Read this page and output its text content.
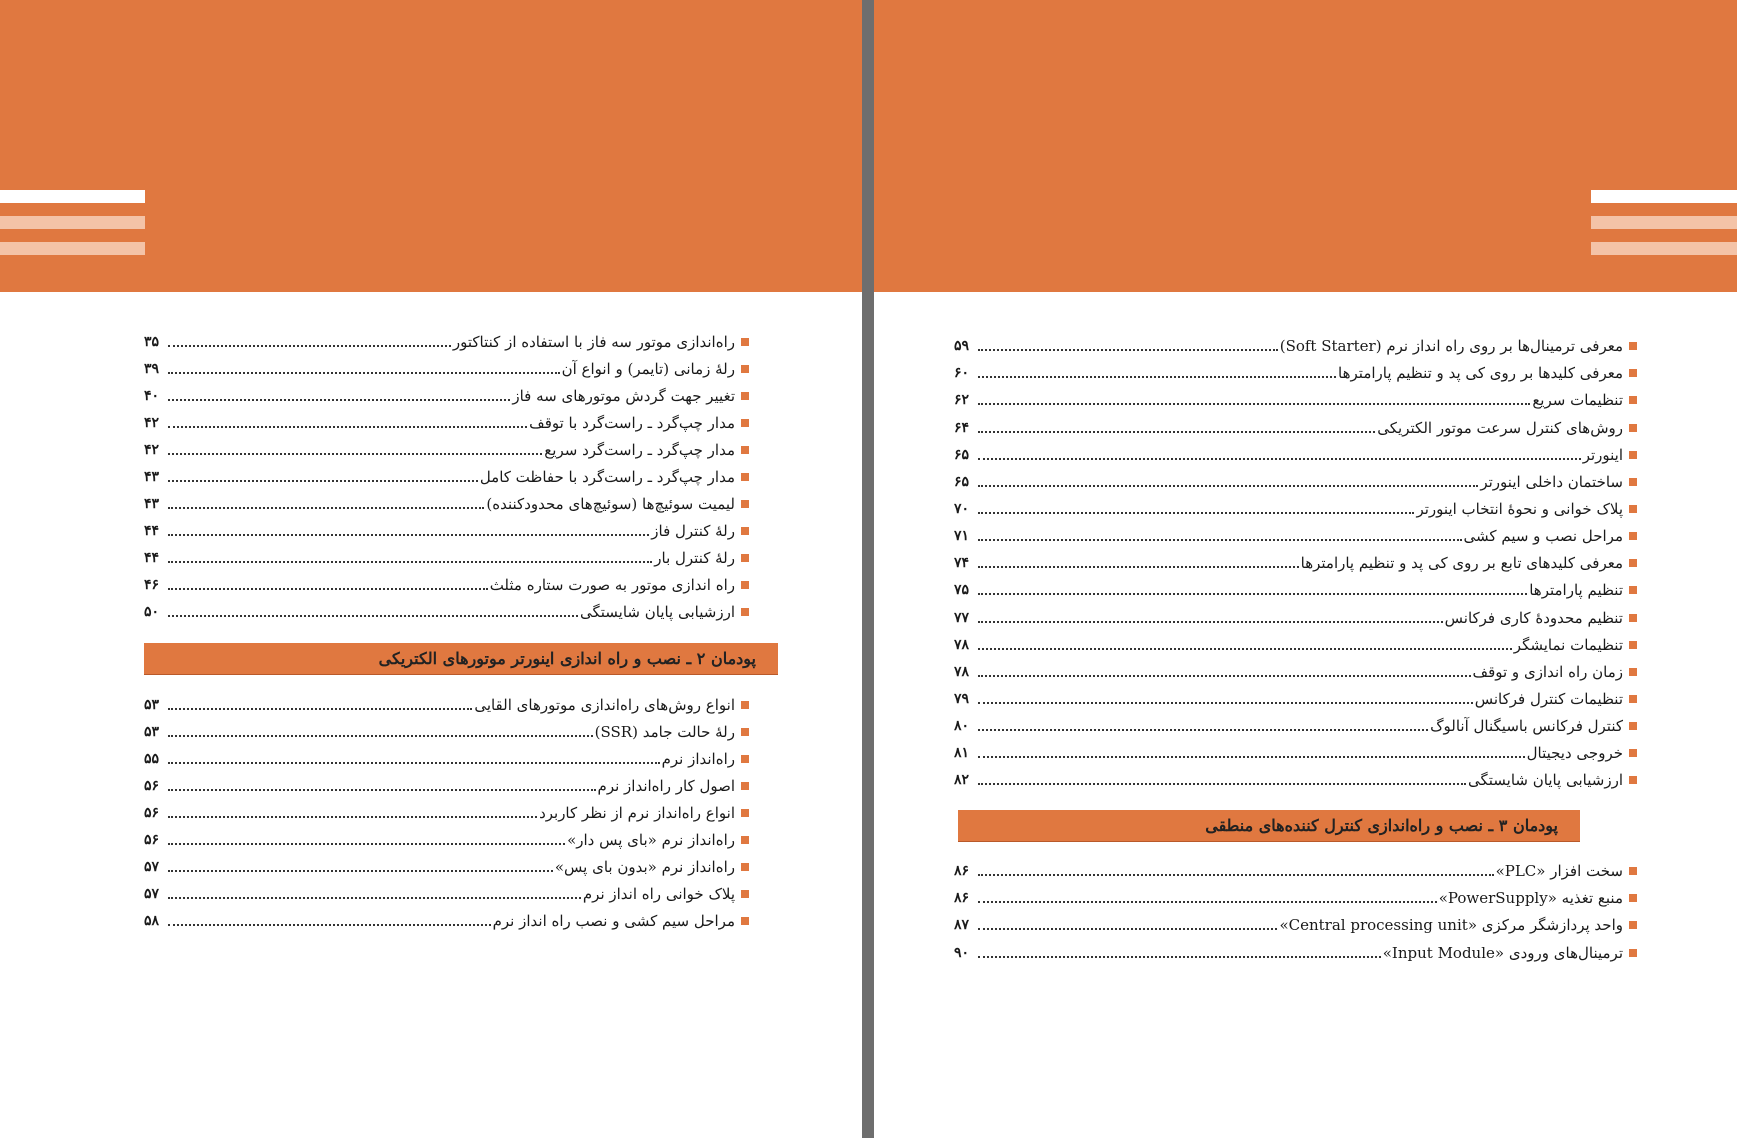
راه‌اندازی موتور سه فاز با استفاده از کنتاکتور
۳۵
رلهٔ زمانی (تایمر) و انواع آن
۳۹
تغییر جهت گردش موتورهای سه فاز
۴۰
مدار چپ‌گرد ـ راست‌گرد با توقف
۴۲
مدار چپ‌گرد ـ راست‌گرد سریع
۴۲
مدار چپ‌گرد ـ راست‌گرد با حفاظت کامل
۴۳
لیمیت سوئیچ‌ها (سوئیچ‌های محدودکننده)
۴۳
رلهٔ کنترل فاز
۴۴
رلهٔ کنترل بار
۴۴
راه اندازی موتور به صورت ستاره مثلث
۴۶
ارزشیابی پایان شایستگی
۵۰
پودمان ۲ ـ نصب و راه اندازی اینورتر موتورهای الکتریکی
انواع روش‌های راه‌اندازی موتورهای القایی
۵۳
رلهٔ حالت جامد (SSR)
۵۳
راه‌انداز نرم
۵۵
اصول کار راه‌انداز نرم
۵۶
انواع راه‌انداز نرم از نظر کاربرد
۵۶
راه‌انداز نرم «بای پس دار»
۵۶
راه‌انداز نرم «بدون بای پس»
۵۷
پلاک خوانی راه انداز نرم
۵۷
مراحل سیم کشی و نصب راه انداز نرم
۵۸
معرفی ترمینال‌ها بر روی راه انداز نرم (Soft Starter)
۵۹
معرفی کلیدها بر روی کی پد و تنظیم پارامترها
۶۰
تنظیمات سریع
۶۲
روش‌های کنترل سرعت موتور الکتریکی
۶۴
اینورتر
۶۵
ساختمان داخلی اینورتر
۶۵
پلاک خوانی و نحوهٔ انتخاب اینورتر
۷۰
مراحل نصب و سیم کشی
۷۱
معرفی کلیدهای تابع بر روی کی پد و تنظیم پارامترها
۷۴
تنظیم پارامترها
۷۵
تنظیم محدودهٔ کاری فرکانس
۷۷
تنظیمات نمایشگر
۷۸
زمان راه اندازی و توقف
۷۸
تنظیمات کنترل فرکانس
۷۹
کنترل فرکانس باسیگنال آنالوگ
۸۰
خروجی دیجیتال
۸۱
ارزشیابی پایان شایستگی
۸۲
پودمان ۳ ـ نصب و راه‌اندازی کنترل کننده‌های منطقی
سخت افزار «PLC»
۸۶
منبع تغذیه «PowerSupply»
۸۶
واحد پردازشگر مرکزی «Central processing unit»
۸۷
ترمینال‌های ورودی «Input Module»
۹۰
